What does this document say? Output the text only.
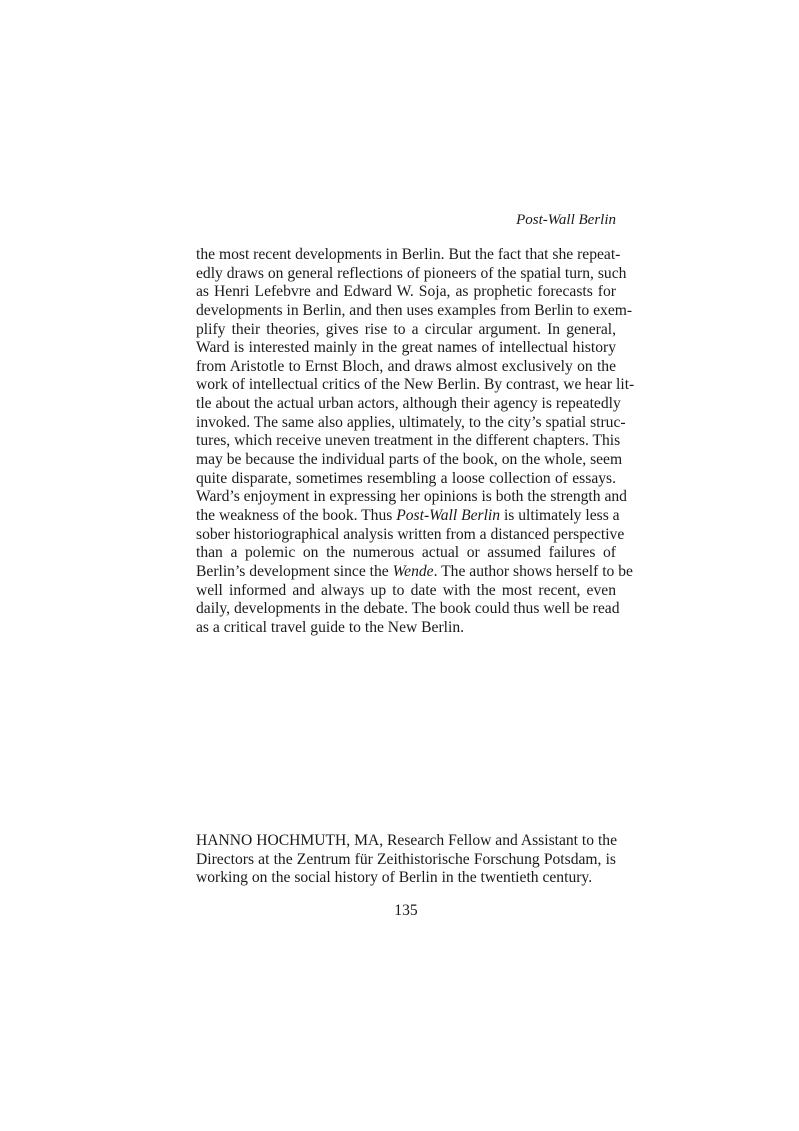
Post-Wall Berlin
the most recent developments in Berlin. But the fact that she repeat-
edly draws on general reflections of pioneers of the spatial turn, such
as Henri Lefebvre and Edward W. Soja, as prophetic forecasts for
developments in Berlin, and then uses examples from Berlin to exem-
plify their theories, gives rise to a circular argument. In general,
Ward is interested mainly in the great names of intellectual history
from Aristotle to Ernst Bloch, and draws almost exclusively on the
work of intellectual critics of the New Berlin. By contrast, we hear lit-
tle about the actual urban actors, although their agency is repeatedly
invoked. The same also applies, ultimately, to the city’s spatial struc-
tures, which receive uneven treatment in the different chapters. This
may be because the individual parts of the book, on the whole, seem
quite disparate, sometimes resembling a loose collection of essays.
Ward’s enjoyment in expressing her opinions is both the strength and
the weakness of the book. Thus Post-Wall Berlin is ultimately less a
sober historiographical analysis written from a distanced perspective
than a polemic on the numerous actual or assumed failures of
Berlin’s development since the Wende. The author shows herself to be
well informed and always up to date with the most recent, even
daily, developments in the debate. The book could thus well be read
as a critical travel guide to the New Berlin.
HANNO HOCHMUTH, MA, Research Fellow and Assistant to the
Directors at the Zentrum für Zeithistorische Forschung Potsdam, is
working on the social history of Berlin in the twentieth century.
135
